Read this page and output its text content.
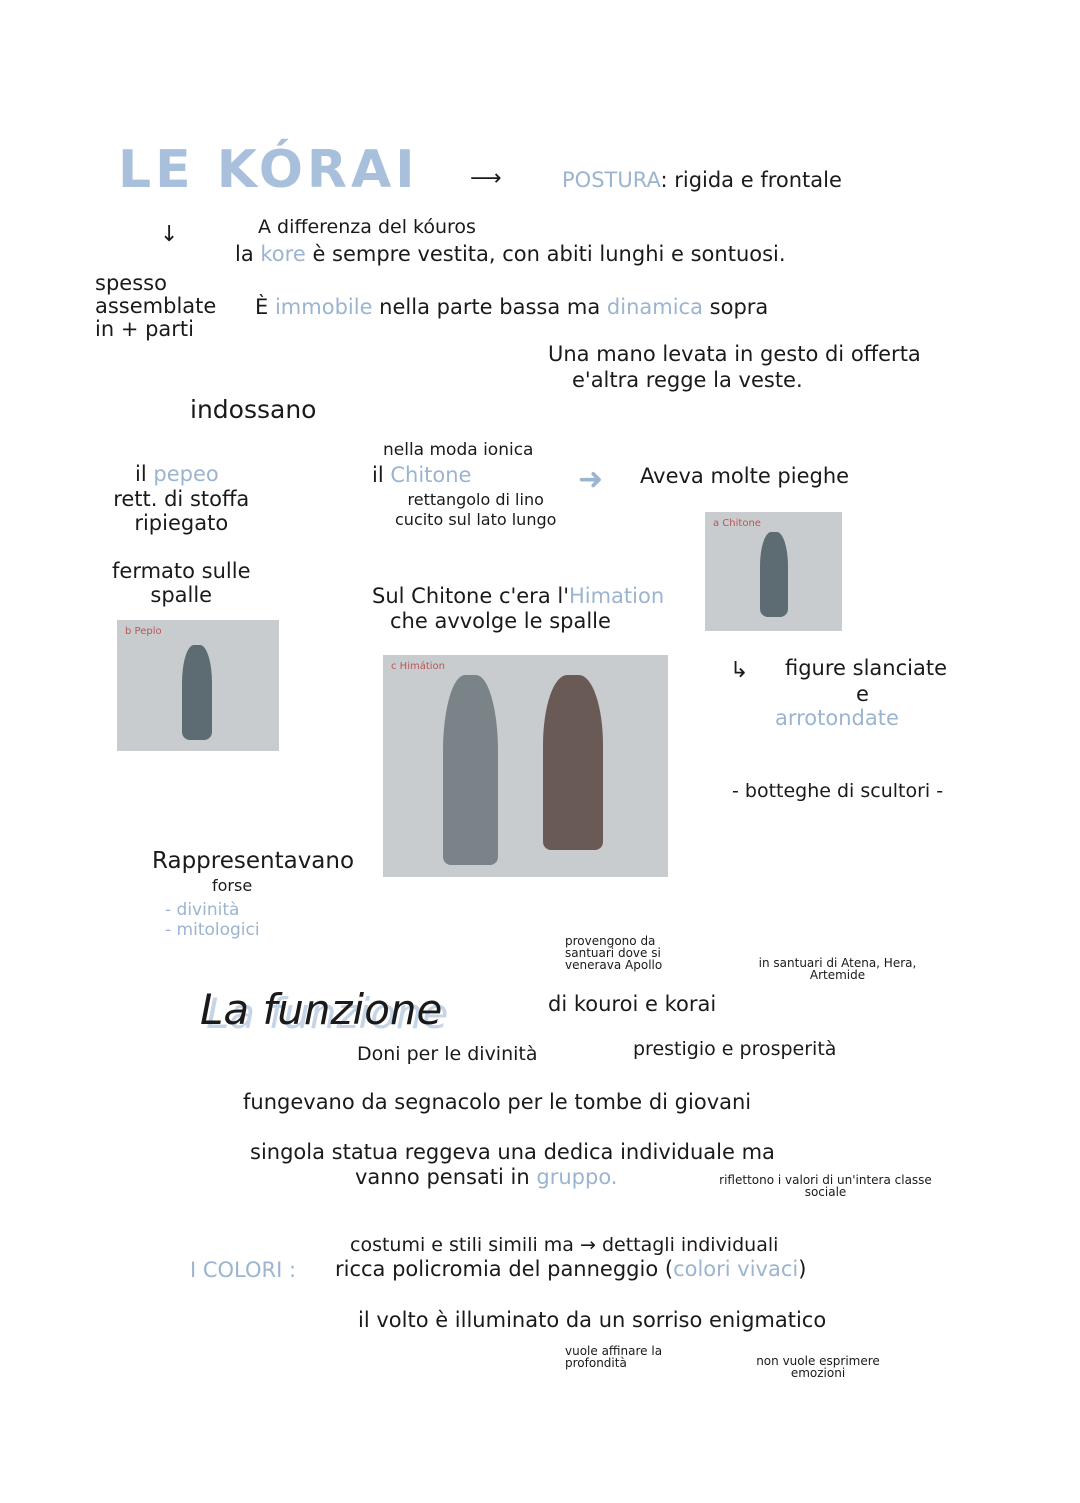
LE KÓRAI ⟶	POSTURA: rigida e frontale
↓
spesso
assemblate
in + parti
A differenza del kóuros
la kore è sempre vestita, con abiti lunghi e sontuosi.
È immobile nella parte bassa ma dinamica sopra
Una mano levata in gesto di offerta
e'altra regge la veste.
indossano
il pepeo
rett. di stoffa
ripiegato

fermato sulle
spalle
nella moda ionica
il Chitone
rettangolo di lino
cucito sul lato lungo
➜ Aveva molte pieghe
Sul Chitone c'era l'Himation
che avvolge le spalle
b Peplo
c Himátion
a Chitone
↳ figure slanciate
e
arrotondate
- botteghe di scultori -
Rappresentavano
forse
- divinità
- mitologici
provengono da santuari dove si venerava Apollo	in santuari di Atena, Hera, Artemide
La funzione	di kouroi e korai
Doni per le divinità	prestigio e prosperità
fungevano da segnacolo per le tombe di giovani
singola statua reggeva una dedica individuale ma
vanno pensati in gruppo.	riflettono i valori di un'intera classe sociale
costumi e stili simili ma → dettagli individuali
I COLORI : ricca policromia del panneggio (colori vivaci)
il volto è illuminato da un sorriso enigmatico
vuole affinare la profondità	non vuole esprimere emozioni
